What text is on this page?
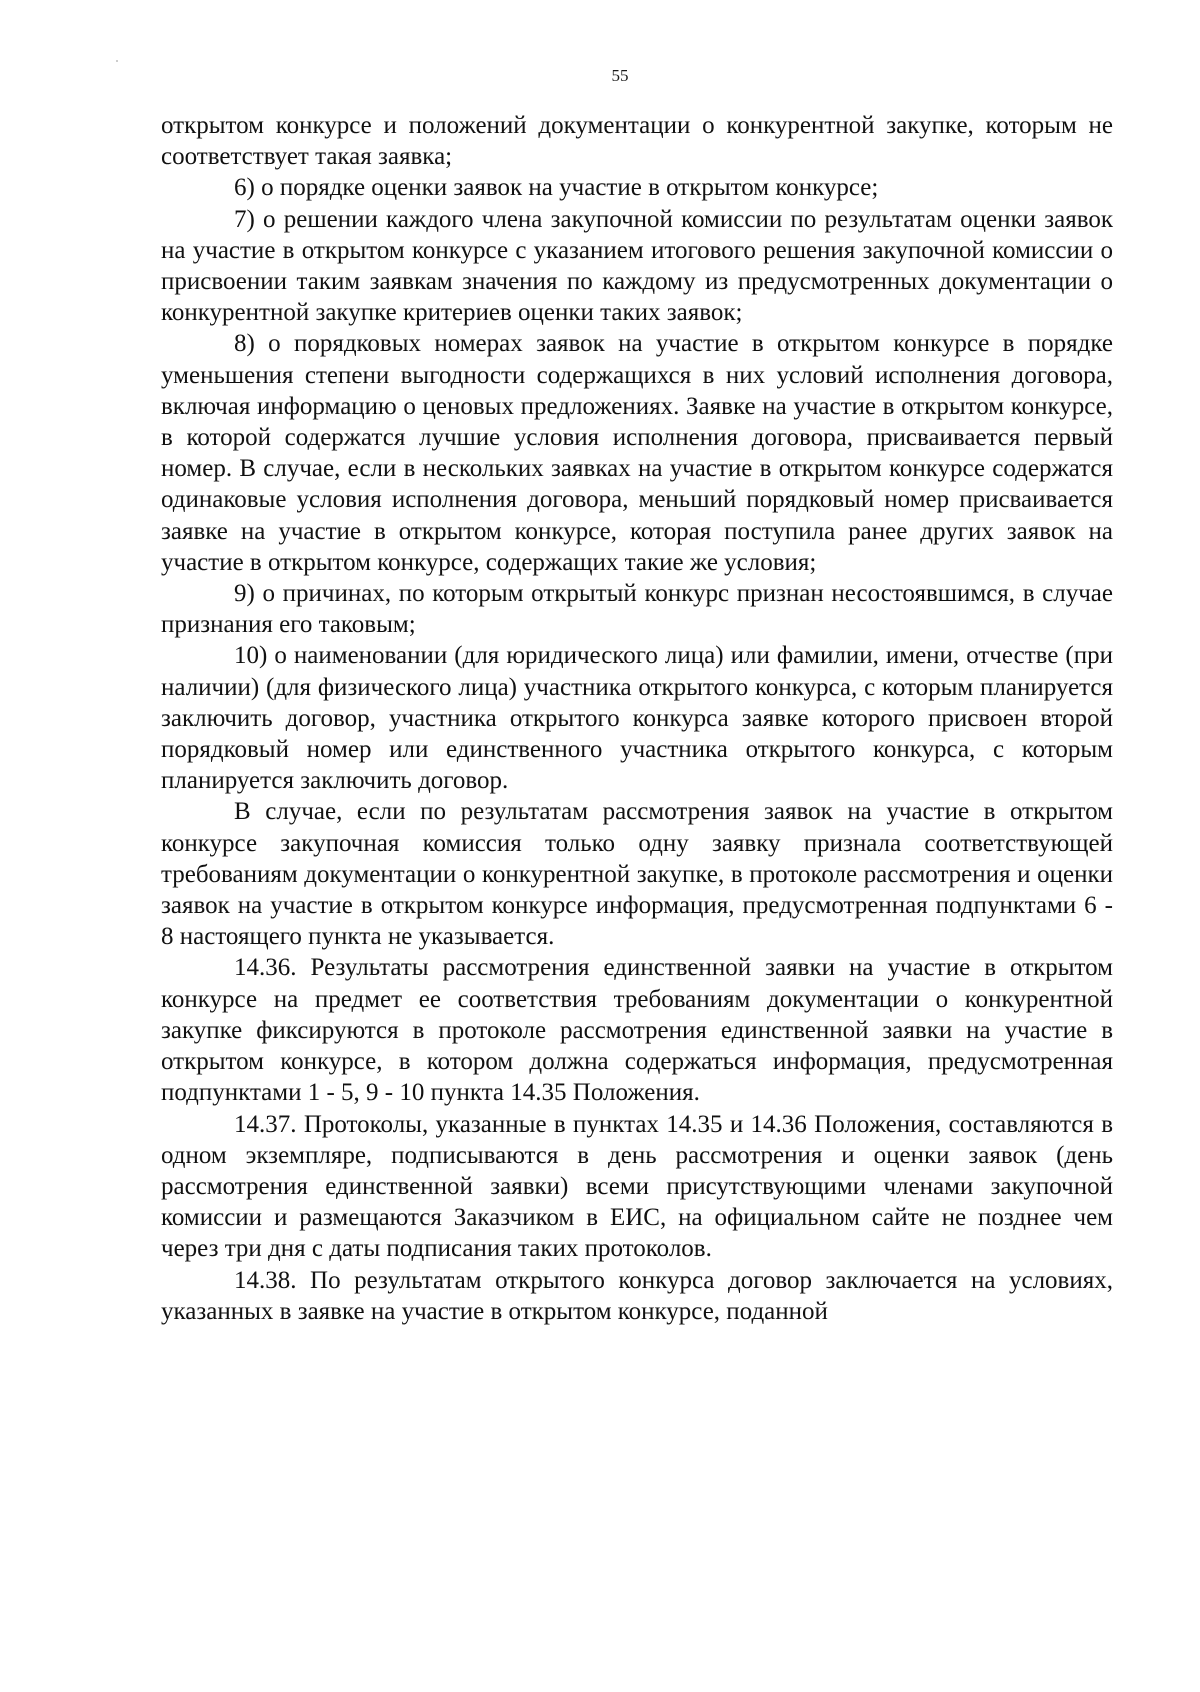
55

открытом конкурсе и положений документации о конкурентной закупке, которым не соответствует такая заявка;

6) о порядке оценки заявок на участие в открытом конкурсе;

7) о решении каждого члена закупочной комиссии по результатам оценки заявок на участие в открытом конкурсе с указанием итогового решения закупочной комиссии о присвоении таким заявкам значения по каждому из предусмотренных документации о конкурентной закупке критериев оценки таких заявок;

8) о порядковых номерах заявок на участие в открытом конкурсе в порядке уменьшения степени выгодности содержащихся в них условий исполнения договора, включая информацию о ценовых предложениях. Заявке на участие в открытом конкурсе, в которой содержатся лучшие условия исполнения договора, присваивается первый номер. В случае, если в нескольких заявках на участие в открытом конкурсе содержатся одинаковые условия исполнения договора, меньший порядковый номер присваивается заявке на участие в открытом конкурсе, которая поступила ранее других заявок на участие в открытом конкурсе, содержащих такие же условия;

9) о причинах, по которым открытый конкурс признан несостоявшимся, в случае признания его таковым;

10) о наименовании (для юридического лица) или фамилии, имени, отчестве (при наличии) (для физического лица) участника открытого конкурса, с которым планируется заключить договор, участника открытого конкурса заявке которого присвоен второй порядковый номер или единственного участника открытого конкурса, с которым планируется заключить договор.

В случае, если по результатам рассмотрения заявок на участие в открытом конкурсе закупочная комиссия только одну заявку признала соответствующей требованиям документации о конкурентной закупке, в протоколе рассмотрения и оценки заявок на участие в открытом конкурсе информация, предусмотренная подпунктами 6 - 8 настоящего пункта не указывается.

14.36. Результаты рассмотрения единственной заявки на участие в открытом конкурсе на предмет ее соответствия требованиям документации о конкурентной закупке фиксируются в протоколе рассмотрения единственной заявки на участие в открытом конкурсе, в котором должна содержаться информация, предусмотренная подпунктами 1 - 5, 9 - 10 пункта 14.35 Положения.

14.37. Протоколы, указанные в пунктах 14.35 и 14.36 Положения, составляются в одном экземпляре, подписываются в день рассмотрения и оценки заявок (день рассмотрения единственной заявки) всеми присутствующими членами закупочной комиссии и размещаются Заказчиком в ЕИС, на официальном сайте не позднее чем через три дня с даты подписания таких протоколов.

14.38. По результатам открытого конкурса договор заключается на условиях, указанных в заявке на участие в открытом конкурсе, поданной
